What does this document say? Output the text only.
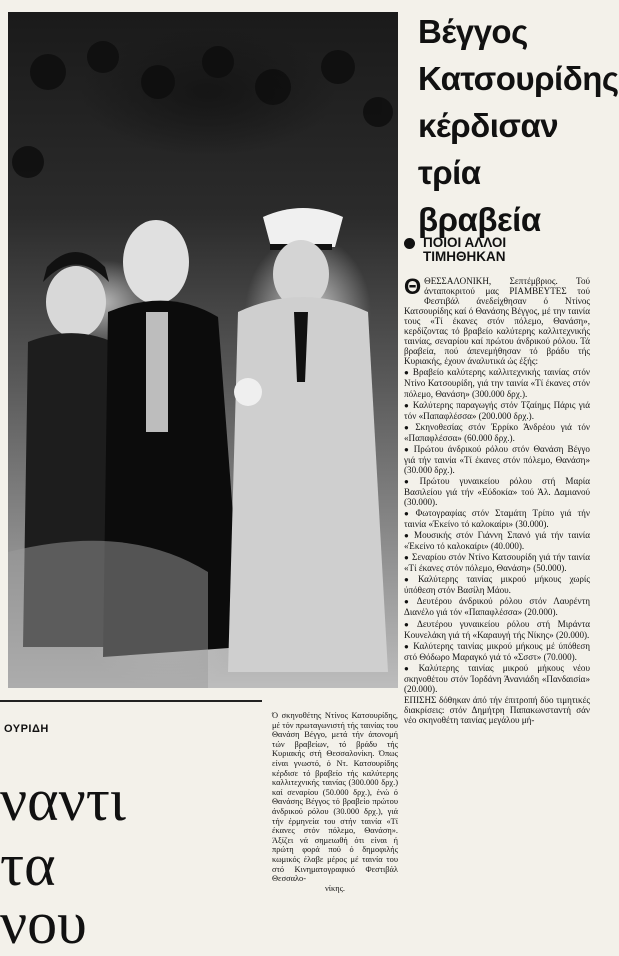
Βέγγος
Κατσουρίδης
κέρδισαν
τρία
βραβεία
ΠΟΙΟΙ ΑΛΛΟΙ ΤΙΜΗΘΗΚΑΝ

ΘΘΕΣΣΑΛΟΝΙΚΗ, Σεπτέμβριος. Τού άνταποκριτού μας ΡΙΑΜΒΕΥΤΕΣ τού Φεστιβάλ άνεδείχθησαν ό Ντίνος Κατσουρίδης καί ό Θανάσης Βέγγος, μέ την ταινία τους «Τί έκανες στόν πόλεμο, Θανάση», κερδίζοντας τό βραβείο καλύτερης καλλιτεχνικής ταινίας, σεναρίου καί πρώτου άνδρικού ρόλου. Τά βραβεία, πού άπενεμήθησαν τό βράδυ τής Κυριακής, έχουν άναλυτικά ώς έξής:

● Βραβείο καλύτερης καλλιτεχνικής ταινίας στόν Ντίνο Κατσουρίδη, γιά την ταινία «Τί έκανες στόν πόλεμο, Θανάση» (300.000 δρχ.).

● Καλύτερης παραγωγής στόν Τζαίημς Πάρις γιά τόν «Παπαφλέσσα» (200.000 δρχ.).

● Σκηνοθεσίας στόν Έρρίκο Άνδρέου γιά τόν «Παπαφλέσσα» (60.000 δρχ.).

● Πρώτου άνδρικού ρόλου στόν Θανάση Βέγγο γιά τήν ταινία «Τί έκανες στόν πόλεμο, Θανάση» (30.000 δρχ.).

● Πρώτου γυναικείου ρόλου στή Μαρία Βασιλείου γιά τήν «Εύδοκία» τού Άλ. Δαμιανού (30.000).

● Φωτογραφίας στόν Σταμάτη Τρίπο γιά τήν ταινία «Έκείνο τό καλοκαίρι» (30.000).

● Μουσικής στόν Γιάννη Σπανό γιά τήν ταινία «Έκείνο τό καλοκαίρι» (40.000).

● Σεναρίου στόν Ντίνο Κατσουρίδη γιά τήν ταινία «Τί έκανες στόν πόλεμο, Θανάση» (50.000).

● Καλύτερης ταινίας μικρού μήκους χωρίς ύπόθεση στόν Βασίλη Μάου.

● Δευτέρου άνδρικού ρόλου στόν Λαυρέντη Διανέλο γιά τόν «Παπαφλέσσα» (20.000).

● Δευτέρου γυναικείου ρόλου στή Μιράντα Κουνελάκη γιά τή «Καραυγή τής Νίκης» (20.000).

● Καλύτερης ταινίας μικρού μήκους μέ ύπόθεση στό Θόδωρο Μαραγκό γιά τό «Σσστ» (70.000).

● Καλύτερης ταινίας μικρού μήκους νέου σκηνοθέτου στόν Ίορδάνη Άνανιάδη «Πανδαισία» (20.000).

ΕΠΙΣΗΣ δόθηκαν άπό τήν έπιτροπή δύο τιμητικές διακρίσεις: στόν Δημήτρη Παπακωνσταντή σάν νέο σκηνοθέτη ταινίας μεγάλου μή-

ΟΥΡΙΔΗ
ναντι
τα
νου
Ό σκηνοθέτης Ντίνος Κατσουρίδης, μέ τόν πρωταγωνιστή τής ταινίας του Θανάση Βέγγο, μετά τήν άπονομή τών βραβείων, τό βράδυ τής Κυριακής στή Θεσσαλονίκη. Όπως είναι γνωστό, ό Ντ. Κατσουρίδης κέρδισε τό βραβείο τής καλύτερης καλλιτεχνικής ταινίας (300.000 δρχ.) καί σεναρίου (50.000 δρχ.), ένώ ό Θανάσης Βέγγος τό βραβείο πρώτου άνδρικού ρόλου (30.000 δρχ.), γιά τήν έρμηνεία του στήν ταινία «Τί έκανες στόν πόλεμο, Θανάση». Άξίζει νά σημειωθή ότι είναι ή πρώτη φορά πού ό δημοφιλής κωμικός έλαβε μέρος μέ ταινία του στό Κινηματογραφικό Φεστιβάλ Θεσσαλο-
νίκης.
